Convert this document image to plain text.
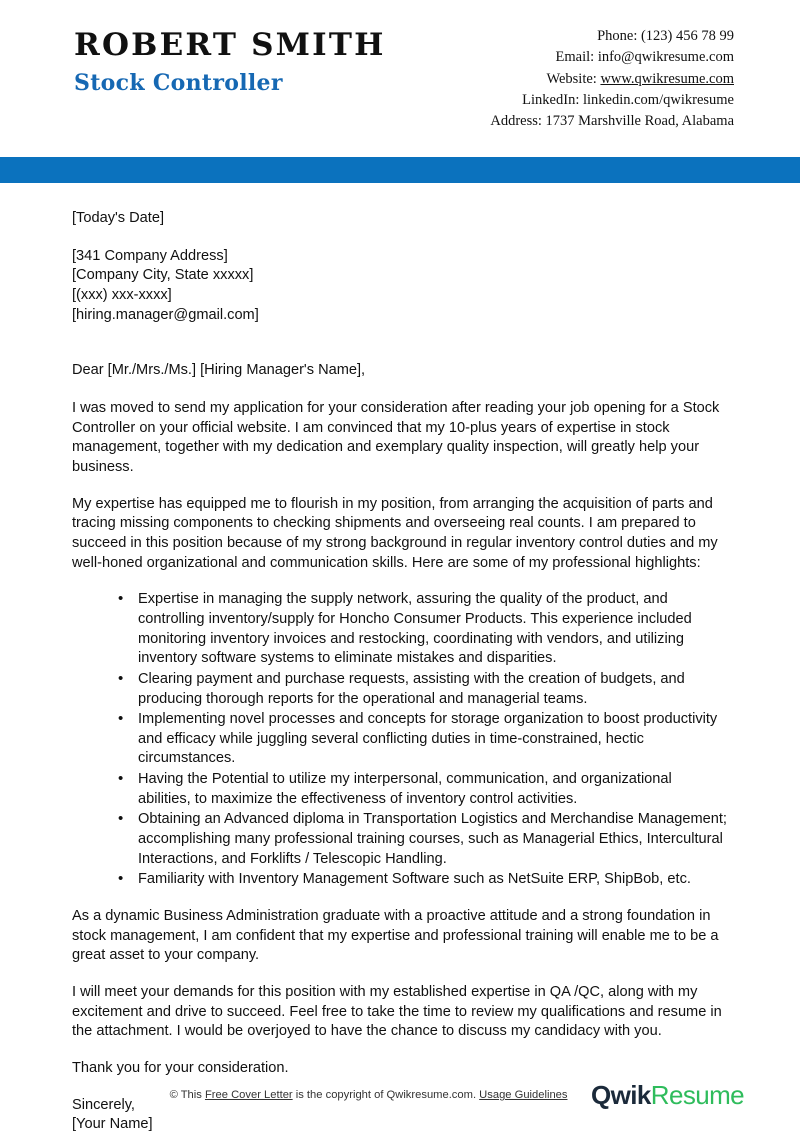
ROBERT SMITH
Stock Controller
Phone: (123) 456 78 99
Email: info@qwikresume.com
Website: www.qwikresume.com
LinkedIn: linkedin.com/qwikresume
Address: 1737 Marshville Road, Alabama
[Today's Date]
[341 Company Address]
[Company City, State xxxxx]
[(xxx) xxx-xxxx]
[hiring.manager@gmail.com]
Dear [Mr./Mrs./Ms.] [Hiring Manager's Name],

I was moved to send my application for your consideration after reading your job opening for a Stock Controller on your official website. I am convinced that my 10-plus years of expertise in stock management, together with my dedication and exemplary quality inspection, will greatly help your business.

My expertise has equipped me to flourish in my position, from arranging the acquisition of parts and tracing missing components to checking shipments and overseeing real counts. I am prepared to succeed in this position because of my strong background in regular inventory control duties and my well-honed organizational and communication skills. Here are some of my professional highlights:

• Expertise in managing the supply network, assuring the quality of the product, and controlling inventory/supply for Honcho Consumer Products. This experience included monitoring inventory invoices and restocking, coordinating with vendors, and utilizing inventory software systems to eliminate mistakes and disparities.
• Clearing payment and purchase requests, assisting with the creation of budgets, and producing thorough reports for the operational and managerial teams.
• Implementing novel processes and concepts for storage organization to boost productivity and efficacy while juggling several conflicting duties in time-constrained, hectic circumstances.
• Having the Potential to utilize my interpersonal, communication, and organizational abilities, to maximize the effectiveness of inventory control activities.
• Obtaining an Advanced diploma in Transportation Logistics and Merchandise Management; accomplishing many professional training courses, such as Managerial Ethics, Intercultural Interactions, and Forklifts / Telescopic Handling.
• Familiarity with Inventory Management Software such as NetSuite ERP, ShipBob, etc.

As a dynamic Business Administration graduate with a proactive attitude and a strong foundation in stock management, I am confident that my expertise and professional training will enable me to be a great asset to your company.

I will meet your demands for this position with my established expertise in QA /QC, along with my excitement and drive to succeed. Feel free to take the time to review my qualifications and resume in the attachment. I would be overjoyed to have the chance to discuss my candidacy with you.

Thank you for your consideration.

Sincerely,
[Your Name]
© This Free Cover Letter is the copyright of Qwikresume.com. Usage Guidelines QwikResume
